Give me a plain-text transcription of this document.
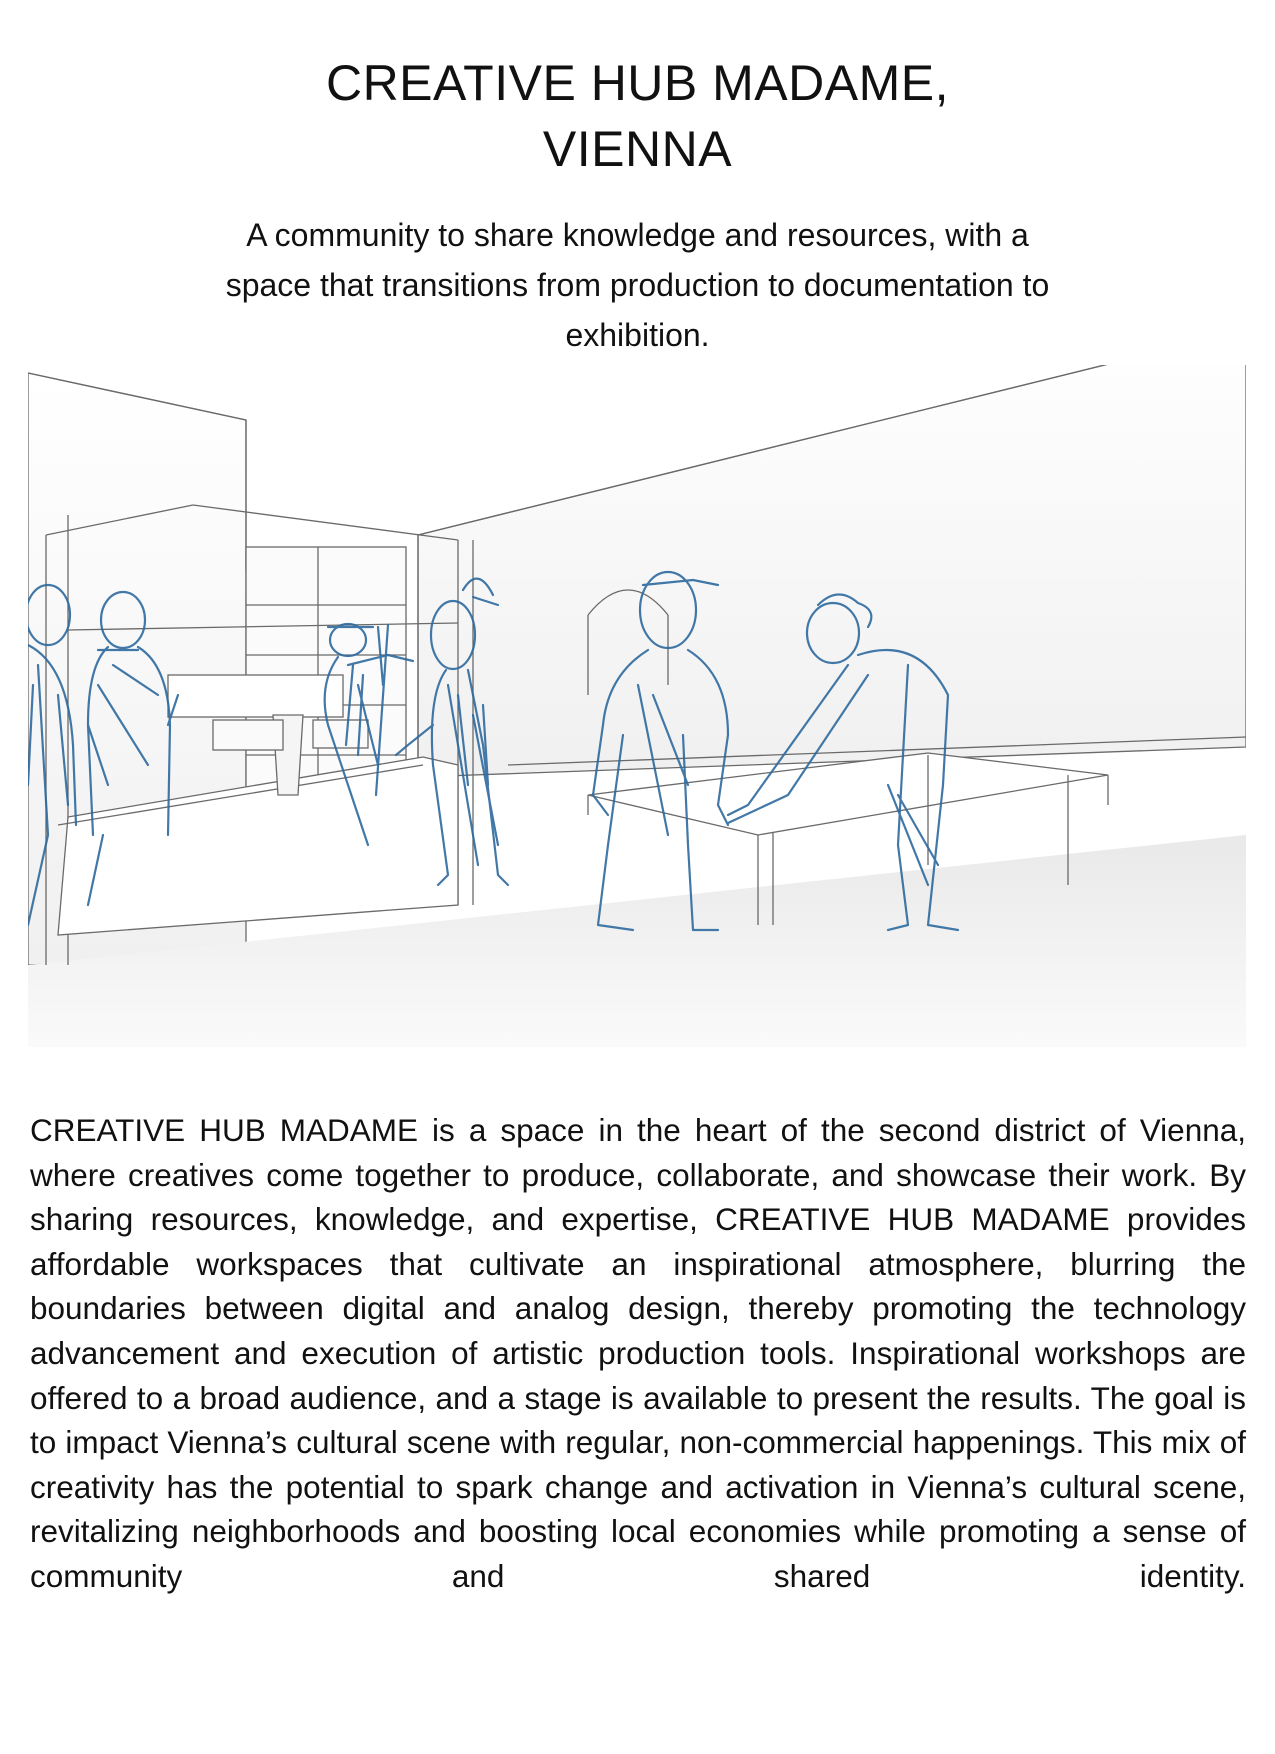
CREATIVE HUB MADAME,
VIENNA

A community to share knowledge and resources, with a space that transitions from production to documentation to exhibition.

CREATIVE HUB MADAME is a space in the heart of the second district of Vienna, where creatives come together to produce, collaborate, and showcase their work. By sharing resources, knowledge, and expertise, CREATIVE HUB MADAME provides affordable workspaces that cultivate an inspirational atmosphere, blurring the boundaries between digital and analog design, thereby promoting the technology advancement and execution of artistic production tools. Inspirational workshops are offered to a broad audience, and a stage is available to present the results. The goal is to impact Vienna’s cultural scene with regular, non-commercial happenings. This mix of creativity has the potential to spark change and activation in Vienna’s cultural scene, revitalizing neighborhoods and boosting local economies while promoting a sense of community and shared identity.
